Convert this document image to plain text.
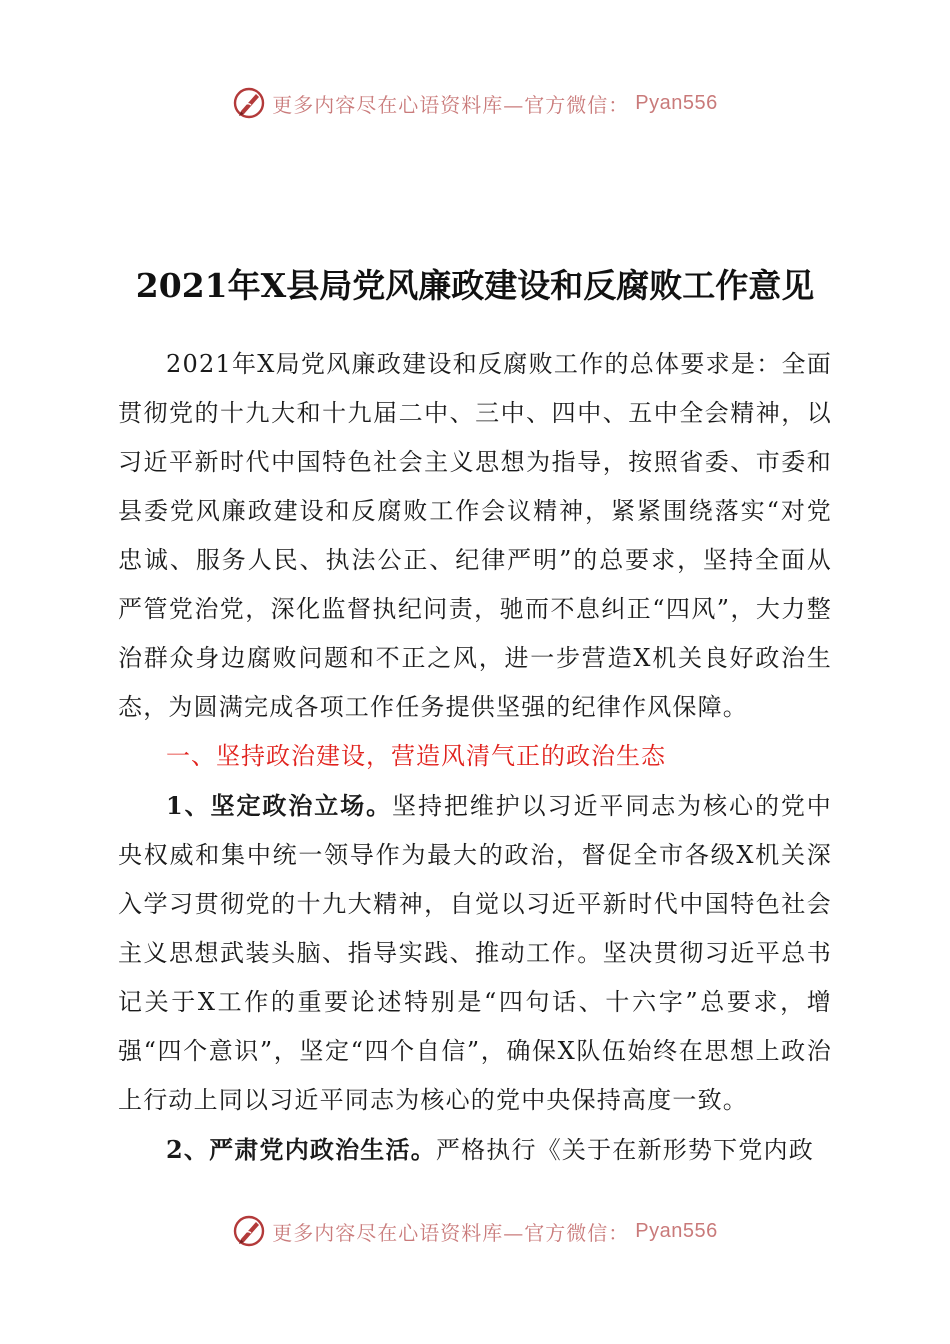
更多内容尽在心语资料库—官方微信： Pyan556
2021年X县局党风廉政建设和反腐败工作意见

2021年X局党风廉政建设和反腐败工作的总体要求是：全面贯彻党的十九大和十九届二中、三中、四中、五中全会精神，以习近平新时代中国特色社会主义思想为指导，按照省委、市委和县委党风廉政建设和反腐败工作会议精神，紧紧围绕落实“对党忠诚、服务人民、执法公正、纪律严明”的总要求，坚持全面从严管党治党，深化监督执纪问责，驰而不息纠正“四风”，大力整治群众身边腐败问题和不正之风，进一步营造X机关良好政治生态，为圆满完成各项工作任务提供坚强的纪律作风保障。

一、坚持政治建设，营造风清气正的政治生态

1、坚定政治立场。坚持把维护以习近平同志为核心的党中央权威和集中统一领导作为最大的政治，督促全市各级X机关深入学习贯彻党的十九大精神，自觉以习近平新时代中国特色社会主义思想武装头脑、指导实践、推动工作。坚决贯彻习近平总书记关于X工作的重要论述特别是“四句话、十六字”总要求，增强“四个意识”，坚定“四个自信”，确保X队伍始终在思想上政治上行动上同以习近平同志为核心的党中央保持高度一致。

2、严肃党内政治生活。严格执行《关于在新形势下党内政

更多内容尽在心语资料库—官方微信： Pyan556
